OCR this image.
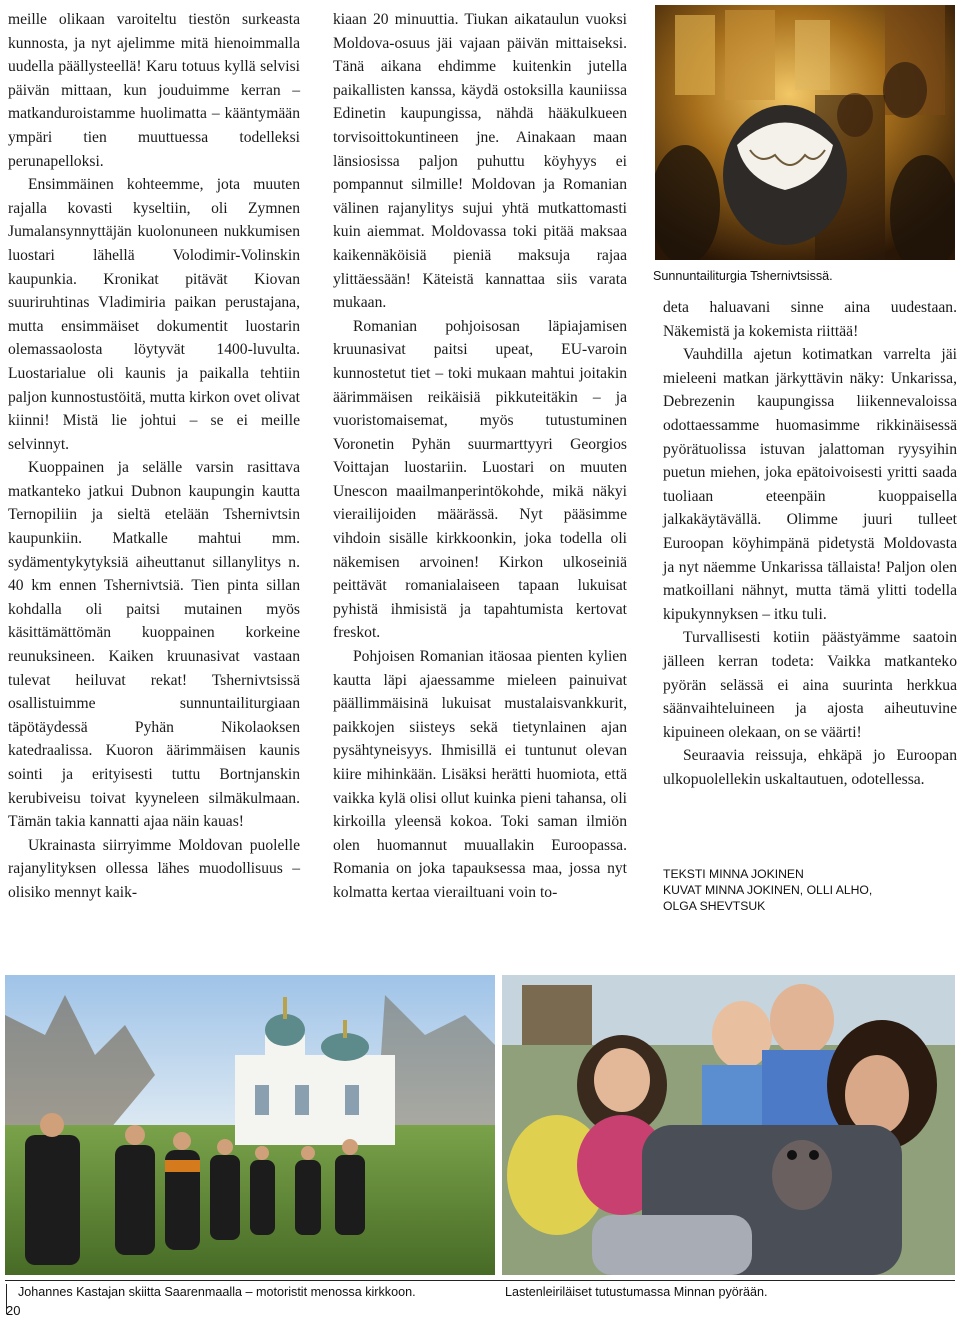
meille olikaan varoiteltu tiestön surkeasta kunnosta, ja nyt ajelimme mitä hienoimmalla uudella päällysteellä! Karu totuus kyllä selvisi päivän mittaan, kun jouduimme kerran – matkanduroistamme huolimatta – kääntymään ympäri tien muuttuessa todelleksi perunapelloksi.

Ensimmäinen kohteemme, jota muuten rajalla kovasti kyseltiin, oli Zymnen Jumalansynnyttäjän kuolonuneen nukkumisen luostari lähellä Volodimir-Volinskin kaupunkia. Kronikat pitävät Kiovan suuriruhtinas Vladimiria paikan perustajana, mutta ensimmäiset dokumentit luostarin olemassaolosta löytyvät 1400-luvulta. Luostarialue oli kaunis ja paikalla tehtiin paljon kunnostustöitä, mutta kirkon ovet olivat kiinni! Mistä lie johtui – se ei meille selvinnyt.

Kuoppainen ja selälle varsin rasittava matkanteko jatkui Dubnon kaupungin kautta Ternopiliin ja sieltä etelään Tshernivtsin kaupunkiin. Matkalle mahtui mm. sydämentykytyksiä aiheuttanut sillanylitys n. 40 km ennen Tshernivtsiä. Tien pinta sillan kohdalla oli paitsi mutainen myös käsittämättömän kuoppainen korkeine reunuksineen. Kaiken kruunasivat vastaan tulevat heiluvat rekat! Tshernivtsissä osallistuimme sunnuntailiturgiaan täpötäydessä Pyhän Nikolaoksen katedraalissa. Kuoron äärimmäisen kaunis sointi ja erityisesti tuttu Bortnjanskin kerubiveisu toivat kyyneleen silmäkulmaan. Tämän takia kannatti ajaa näin kauas!

Ukrainasta siirryimme Moldovan puolelle rajanylityksen ollessa lähes muodollisuus – olisiko mennyt kaik-

kiaan 20 minuuttia. Tiukan aikataulun vuoksi Moldova-osuus jäi vajaan päivän mittaiseksi. Tänä aikana ehdimme kuitenkin jutella paikallisten kanssa, käydä ostoksilla kauniissa Edinetin kaupungissa, nähdä hääkulkueen torvisoittokuntineen jne. Ainakaan maan länsiosissa paljon puhuttu köyhyys ei pompannut silmille! Moldovan ja Romanian välinen rajanylitys sujui yhtä mutkattomasti kuin aiemmat. Moldovassa toki pitää maksaa kaikennäköisiä pieniä maksuja rajaa ylittäessään! Käteistä kannattaa siis varata mukaan.

Romanian pohjoisosan läpiajamisen kruunasivat paitsi upeat, EU-varoin kunnostetut tiet – toki mukaan mahtui joitakin äärimmäisen reikäisiä pikkuteitäkin – ja vuoristomaisemat, myös tutustuminen Voronetin Pyhän suurmarttyyri Georgios Voittajan luostariin. Luostari on muuten Unescon maailmanperintökohde, mikä näkyi vierailijoiden määrässä. Nyt pääsimme vihdoin sisälle kirkkoonkin, joka todella oli näkemisen arvoinen! Kirkon ulkoseiniä peittävät romanialaiseen tapaan lukuisat pyhistä ihmisistä ja tapahtumista kertovat freskot.

Pohjoisen Romanian itäosaa pienten kylien kautta läpi ajaessamme mieleen painuivat päällimmäisinä lukuisat mustalaisvankkurit, paikkojen siisteys sekä tietynlainen ajan pysähtyneisyys. Ihmisillä ei tuntunut olevan kiire mihinkään. Lisäksi herätti huomiota, että vaikka kylä olisi ollut kuinka pieni tahansa, oli kirkoilla yleensä kokoa. Toki saman ilmiön olen huomannut muuallakin Euroopassa. Romania on joka tapauksessa maa, jossa nyt kolmatta kertaa vierailtuani voin to-

Sunnuntailiturgia Tshernivtsissä.

deta haluavani sinne aina uudestaan. Näkemistä ja kokemista riittää!

Vauhdilla ajetun kotimatkan varrelta jäi mieleeni matkan järkyttävin näky: Unkarissa, Debrezenin kaupungissa liikennevaloissa odottaessamme huomasimme rikkinäisessä pyörätuolissa istuvan jalattoman ryysyihin puetun miehen, joka epätoivoisesti yritti saada tuoliaan eteenpäin kuoppaisella jalkakäytävällä. Olimme juuri tulleet Euroopan köyhimpänä pidetystä Moldovasta ja nyt näemme Unkarissa tällaista! Paljon olen matkoillani nähnyt, mutta tämä ylitti todella kipukynnyksen – itku tuli.

Turvallisesti kotiin päästyämme saatoin jälleen kerran todeta: Vaikka matkanteko pyörän selässä ei aina suurinta herkkua säänvaihteluineen ja ajosta aiheutuvine kipuineen olekaan, on se väärti!

Seuraavia reissuja, ehkäpä jo Euroopan ulkopuolellekin uskaltautuen, odotellessa.

TEKSTI MINNA JOKINEN
KUVAT MINNA JOKINEN, OLLI ALHO,
OLGA SHEVTSUK
Johannes Kastajan skiitta Saarenmaalla – motoristit menossa kirkkoon.	Lastenleiriläiset tutustumassa Minnan pyörään.
20
